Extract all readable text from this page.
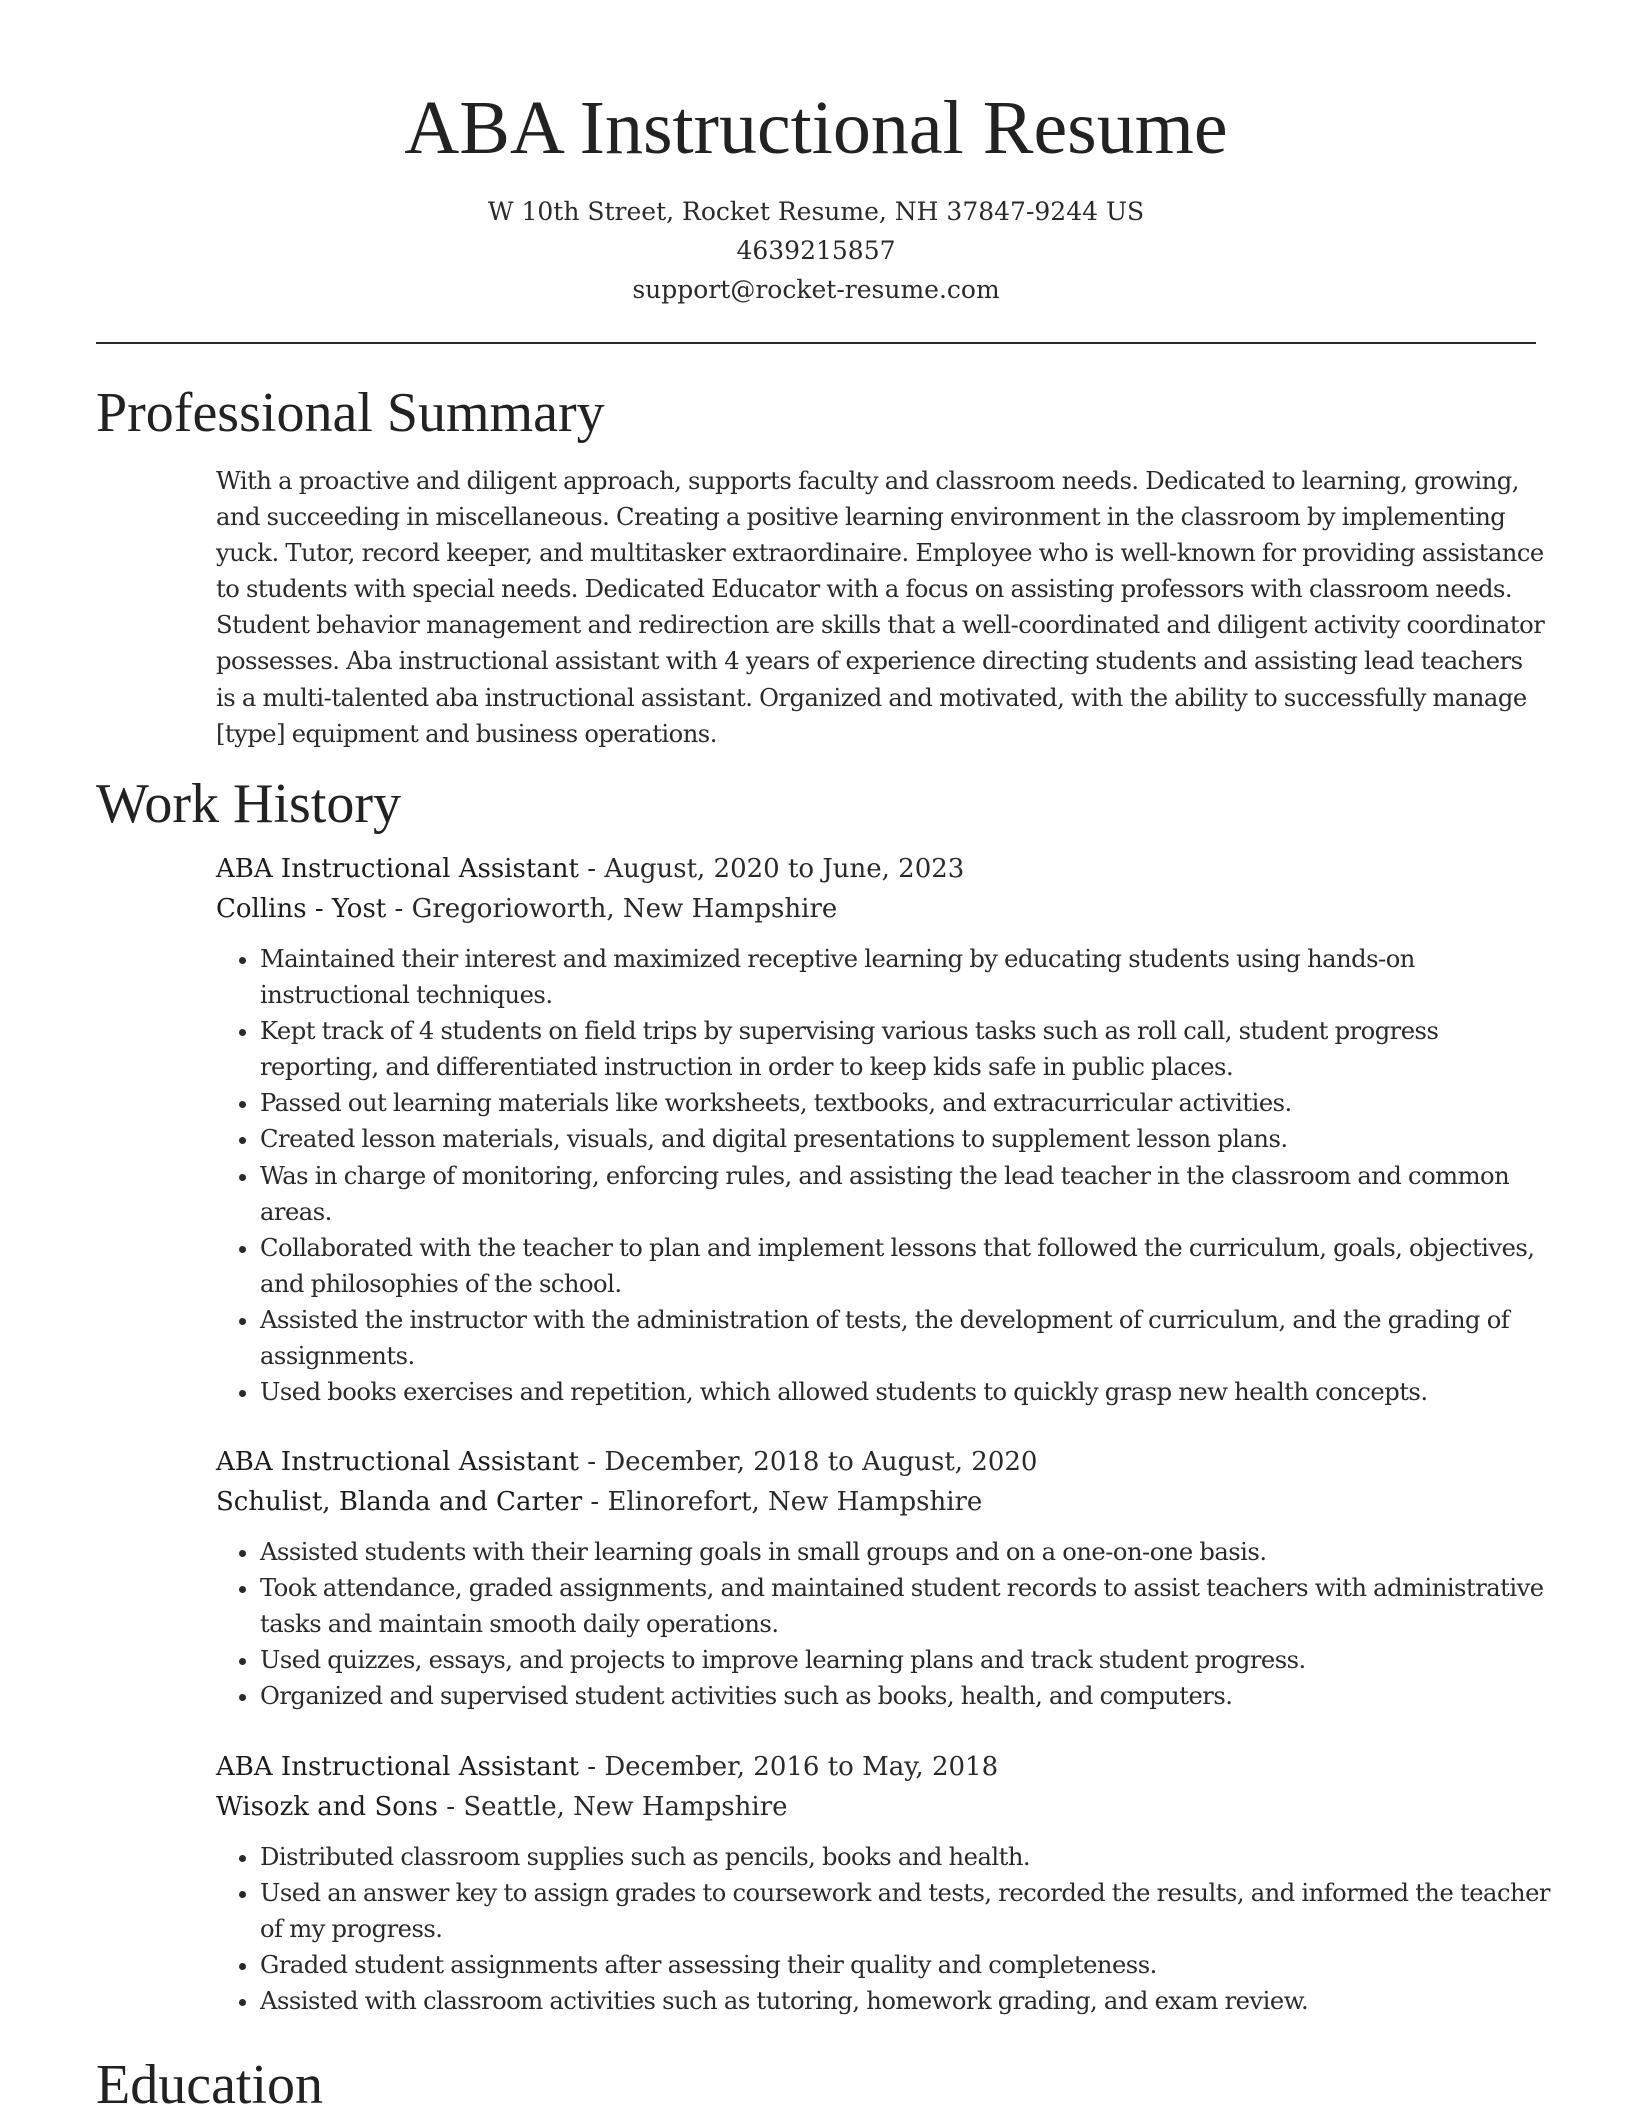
ABA Instructional Resume
W 10th Street, Rocket Resume, NH 37847-9244 US
4639215857
support@rocket-resume.com
Professional Summary

With a proactive and diligent approach, supports faculty and classroom needs. Dedicated to learning, growing, and succeeding in miscellaneous. Creating a positive learning environment in the classroom by implementing yuck. Tutor, record keeper, and multitasker extraordinaire. Employee who is well-known for providing assistance to students with special needs. Dedicated Educator with a focus on assisting professors with classroom needs. Student behavior management and redirection are skills that a well-coordinated and diligent activity coordinator possesses. Aba instructional assistant with 4 years of experience directing students and assisting lead teachers is a multi-talented aba instructional assistant. Organized and motivated, with the ability to successfully manage [type] equipment and business operations.

Work History
ABA Instructional Assistant - August, 2020 to June, 2023
Collins - Yost - Gregorioworth, New Hampshire
• Maintained their interest and maximized receptive learning by educating students using hands-on instructional techniques.
• Kept track of 4 students on field trips by supervising various tasks such as roll call, student progress reporting, and differentiated instruction in order to keep kids safe in public places.
• Passed out learning materials like worksheets, textbooks, and extracurricular activities.
• Created lesson materials, visuals, and digital presentations to supplement lesson plans.
• Was in charge of monitoring, enforcing rules, and assisting the lead teacher in the classroom and common areas.
• Collaborated with the teacher to plan and implement lessons that followed the curriculum, goals, objectives, and philosophies of the school.
• Assisted the instructor with the administration of tests, the development of curriculum, and the grading of assignments.
• Used books exercises and repetition, which allowed students to quickly grasp new health concepts.
ABA Instructional Assistant - December, 2018 to August, 2020
Schulist, Blanda and Carter - Elinorefort, New Hampshire
• Assisted students with their learning goals in small groups and on a one-on-one basis.
• Took attendance, graded assignments, and maintained student records to assist teachers with administrative tasks and maintain smooth daily operations.
• Used quizzes, essays, and projects to improve learning plans and track student progress.
• Organized and supervised student activities such as books, health, and computers.
ABA Instructional Assistant - December, 2016 to May, 2018
Wisozk and Sons - Seattle, New Hampshire
• Distributed classroom supplies such as pencils, books and health.
• Used an answer key to assign grades to coursework and tests, recorded the results, and informed the teacher of my progress.
• Graded student assignments after assessing their quality and completeness.
• Assisted with classroom activities such as tutoring, homework grading, and exam review.
Education
